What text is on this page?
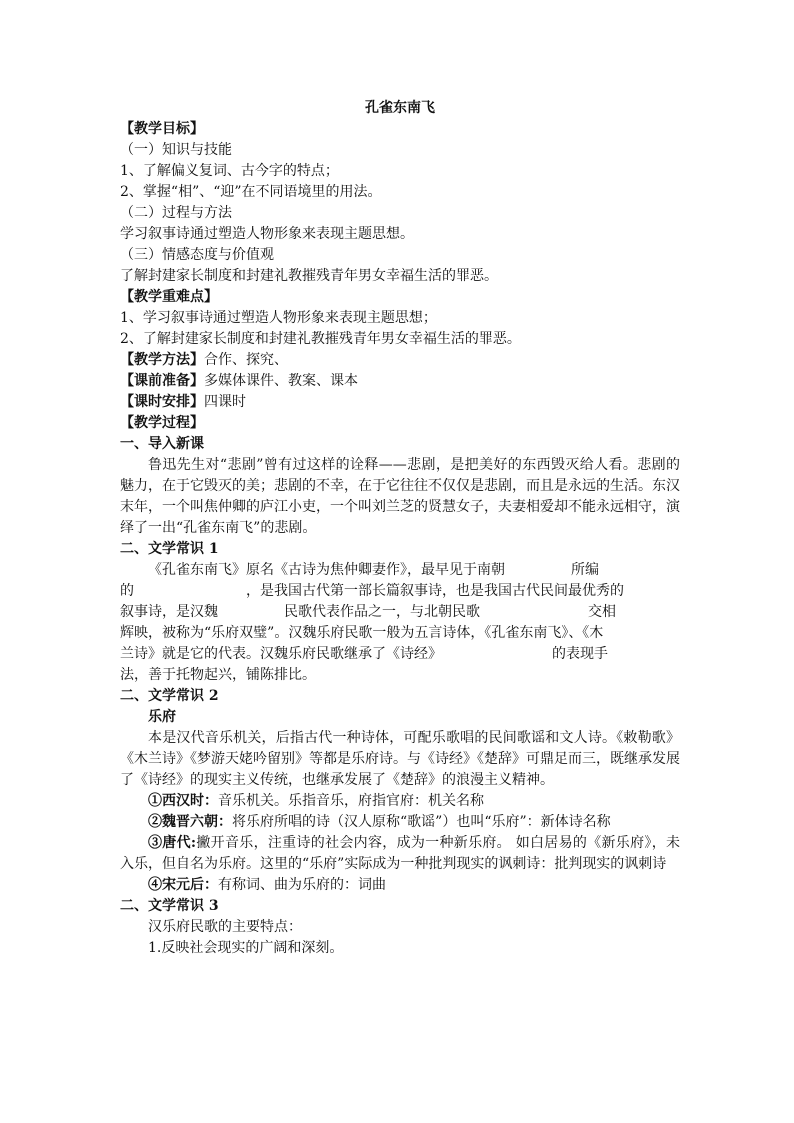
孔雀东南飞

【教学目标】

（一）知识与技能

1、了解偏义复词、古今字的特点；

2、掌握“相”、“迎”在不同语境里的用法。

（二）过程与方法

学习叙事诗通过塑造人物形象来表现主题思想。

（三）情感态度与价值观

了解封建家长制度和封建礼教摧残青年男女幸福生活的罪恶。

【教学重难点】

1、学习叙事诗通过塑造人物形象来表现主题思想；

2、了解封建家长制度和封建礼教摧残青年男女幸福生活的罪恶。

【教学方法】合作、探究、

【课前准备】多媒体课件、教案、课本

【课时安排】四课时

【教学过程】

一、导入新课

鲁迅先生对“悲剧”曾有过这样的诠释——悲剧，是把美好的东西毁灭给人看。悲剧的魅力，在于它毁灭的美；悲剧的不幸，在于它往往不仅仅是悲剧，而且是永远的生活。东汉末年，一个叫焦仲卿的庐江小吏，一个叫刘兰芝的贤慧女子，夫妻相爱却不能永远相守，演绎了一出“孔雀东南飞”的悲剧。

二、文学常识 1

《孔雀东南飞》原名《古诗为焦仲卿妻作》，最早见于南朝	所编

的	，是我国古代第一部长篇叙事诗，也是我国古代民间最优秀的

叙事诗，是汉魏	民歌代表作品之一，与北朝民歌	交相

辉映，被称为“乐府双璧”。汉魏乐府民歌一般为五言诗体，《孔雀东南飞》、《木

兰诗》就是它的代表。汉魏乐府民歌继承了《诗经》	的表现手

法，善于托物起兴，铺陈排比。

二、文学常识 2

乐府

本是汉代音乐机关，后指古代一种诗体，可配乐歌唱的民间歌谣和文人诗。《敕勒歌》《木兰诗》《梦游天姥吟留别》等都是乐府诗。与《诗经》《楚辞》可鼎足而三，既继承发展了《诗经》的现实主义传统，也继承发展了《楚辞》的浪漫主义精神。

①西汉时：音乐机关。乐指音乐，府指官府：机关名称

②魏晋六朝：将乐府所唱的诗（汉人原称“歌谣”）也叫“乐府”：新体诗名称

③唐代:撇开音乐，注重诗的社会内容，成为一种新乐府。 如白居易的《新乐府》，未入乐，但自名为乐府。这里的“乐府”实际成为一种批判现实的讽刺诗：批判现实的讽刺诗

④宋元后：有称词、曲为乐府的：词曲

二、文学常识 3

汉乐府民歌的主要特点：

1.反映社会现实的广阔和深刻。
